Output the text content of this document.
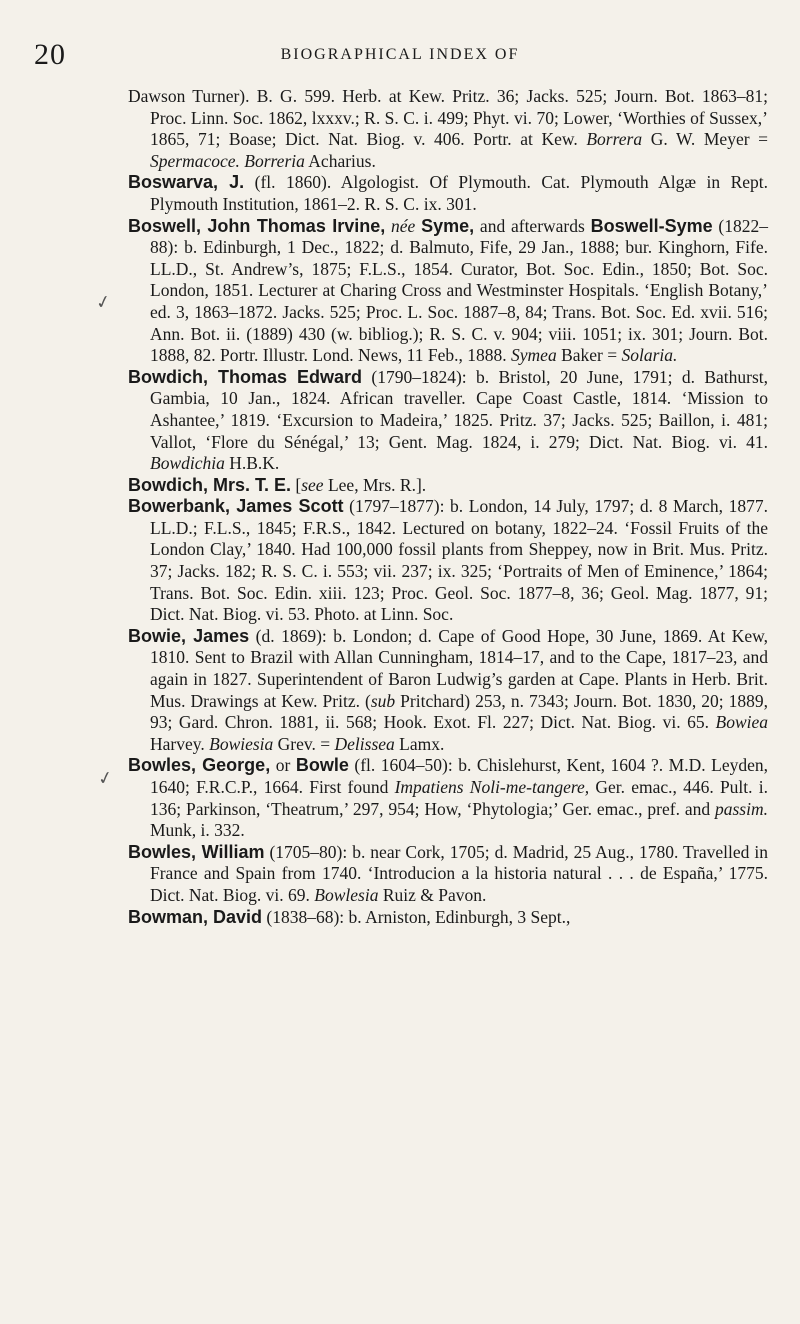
20	BIOGRAPHICAL INDEX OF
✓
✓

Dawson Turner). B. G. 599. Herb. at Kew. Pritz. 36; Jacks. 525; Journ. Bot. 1863–81; Proc. Linn. Soc. 1862, lxxxv.; R. S. C. i. 499; Phyt. vi. 70; Lower, ‘Worthies of Sussex,’ 1865, 71; Boase; Dict. Nat. Biog. v. 406. Portr. at Kew. Borrera G. W. Meyer = Spermacoce. Borreria Acharius.

Boswarva, J. (fl. 1860). Algologist. Of Plymouth. Cat. Plymouth Algæ in Rept. Plymouth Institution, 1861–2. R. S. C. ix. 301.

Boswell, John Thomas Irvine, née Syme, and afterwards Boswell-Syme (1822–88): b. Edinburgh, 1 Dec., 1822; d. Balmuto, Fife, 29 Jan., 1888; bur. Kinghorn, Fife. LL.D., St. Andrew’s, 1875; F.L.S., 1854. Curator, Bot. Soc. Edin., 1850; Bot. Soc. London, 1851. Lecturer at Charing Cross and Westminster Hospitals. ‘English Botany,’ ed. 3, 1863–1872. Jacks. 525; Proc. L. Soc. 1887–8, 84; Trans. Bot. Soc. Ed. xvii. 516; Ann. Bot. ii. (1889) 430 (w. bibliog.); R. S. C. v. 904; viii. 1051; ix. 301; Journ. Bot. 1888, 82. Portr. Illustr. Lond. News, 11 Feb., 1888. Symea Baker = Solaria.

Bowdich, Thomas Edward (1790–1824): b. Bristol, 20 June, 1791; d. Bathurst, Gambia, 10 Jan., 1824. African traveller. Cape Coast Castle, 1814. ‘Mission to Ashantee,’ 1819. ‘Excursion to Madeira,’ 1825. Pritz. 37; Jacks. 525; Baillon, i. 481; Vallot, ‘Flore du Sénégal,’ 13; Gent. Mag. 1824, i. 279; Dict. Nat. Biog. vi. 41. Bowdichia H.B.K.

Bowdich, Mrs. T. E. [see Lee, Mrs. R.].

Bowerbank, James Scott (1797–1877): b. London, 14 July, 1797; d. 8 March, 1877. LL.D.; F.L.S., 1845; F.R.S., 1842. Lectured on botany, 1822–24. ‘Fossil Fruits of the London Clay,’ 1840. Had 100,000 fossil plants from Sheppey, now in Brit. Mus. Pritz. 37; Jacks. 182; R. S. C. i. 553; vii. 237; ix. 325; ‘Portraits of Men of Eminence,’ 1864; Trans. Bot. Soc. Edin. xiii. 123; Proc. Geol. Soc. 1877–8, 36; Geol. Mag. 1877, 91; Dict. Nat. Biog. vi. 53. Photo. at Linn. Soc.

Bowie, James (d. 1869): b. London; d. Cape of Good Hope, 30 June, 1869. At Kew, 1810. Sent to Brazil with Allan Cunningham, 1814–17, and to the Cape, 1817–23, and again in 1827. Superintendent of Baron Ludwig’s garden at Cape. Plants in Herb. Brit. Mus. Drawings at Kew. Pritz. (sub Pritchard) 253, n. 7343; Journ. Bot. 1830, 20; 1889, 93; Gard. Chron. 1881, ii. 568; Hook. Exot. Fl. 227; Dict. Nat. Biog. vi. 65. Bowiea Harvey. Bowiesia Grev. = Delissea Lamx.

Bowles, George, or Bowle (fl. 1604–50): b. Chislehurst, Kent, 1604 ?. M.D. Leyden, 1640; F.R.C.P., 1664. First found Impatiens Noli-me-tangere, Ger. emac., 446. Pult. i. 136; Parkinson, ‘Theatrum,’ 297, 954; How, ‘Phytologia;’ Ger. emac., pref. and passim. Munk, i. 332.

Bowles, William (1705–80): b. near Cork, 1705; d. Madrid, 25 Aug., 1780. Travelled in France and Spain from 1740. ‘Introducion a la historia natural . . . de España,’ 1775. Dict. Nat. Biog. vi. 69. Bowlesia Ruiz & Pavon.

Bowman, David (1838–68): b. Arniston, Edinburgh, 3 Sept.,
